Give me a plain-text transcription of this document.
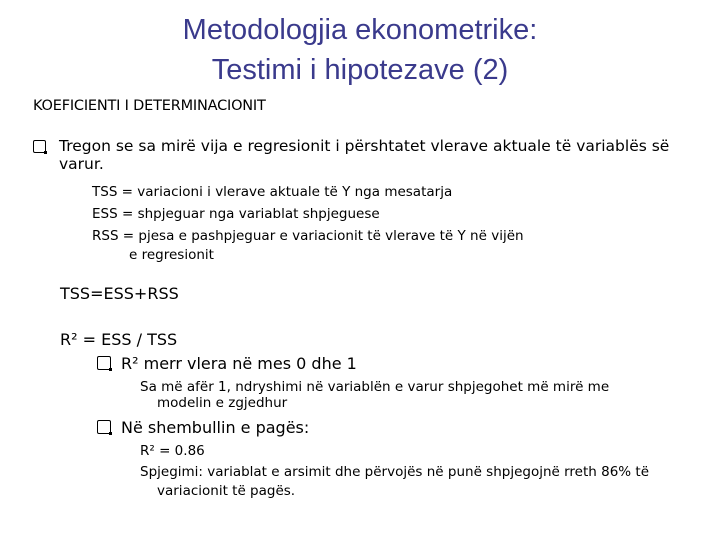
Metodologjia ekonometrike:
Testimi i hipotezave (2)
KOEFICIENTI I DETERMINACIONIT
Tregon se sa mirë vija e regresionit i përshtatet vlerave aktuale të variablës së
varur.
TSS = variacioni i vlerave aktuale të Y nga mesatarja
ESS = shpjeguar nga variablat shpjeguese
RSS = pjesa e pashpjeguar e variacionit të vlerave të Y në vijën
e regresionit
TSS=ESS+RSS
R² = ESS / TSS
R² merr vlera në mes 0 dhe 1
Sa më afër 1, ndryshimi në variablën e varur shpjegohet më mirë me
modelin e zgjedhur
Në shembullin e pagës:
R² = 0.86
Spjegimi: variablat e arsimit dhe përvojës në punë shpjegojnë rreth 86% të
variacionit të pagës.
